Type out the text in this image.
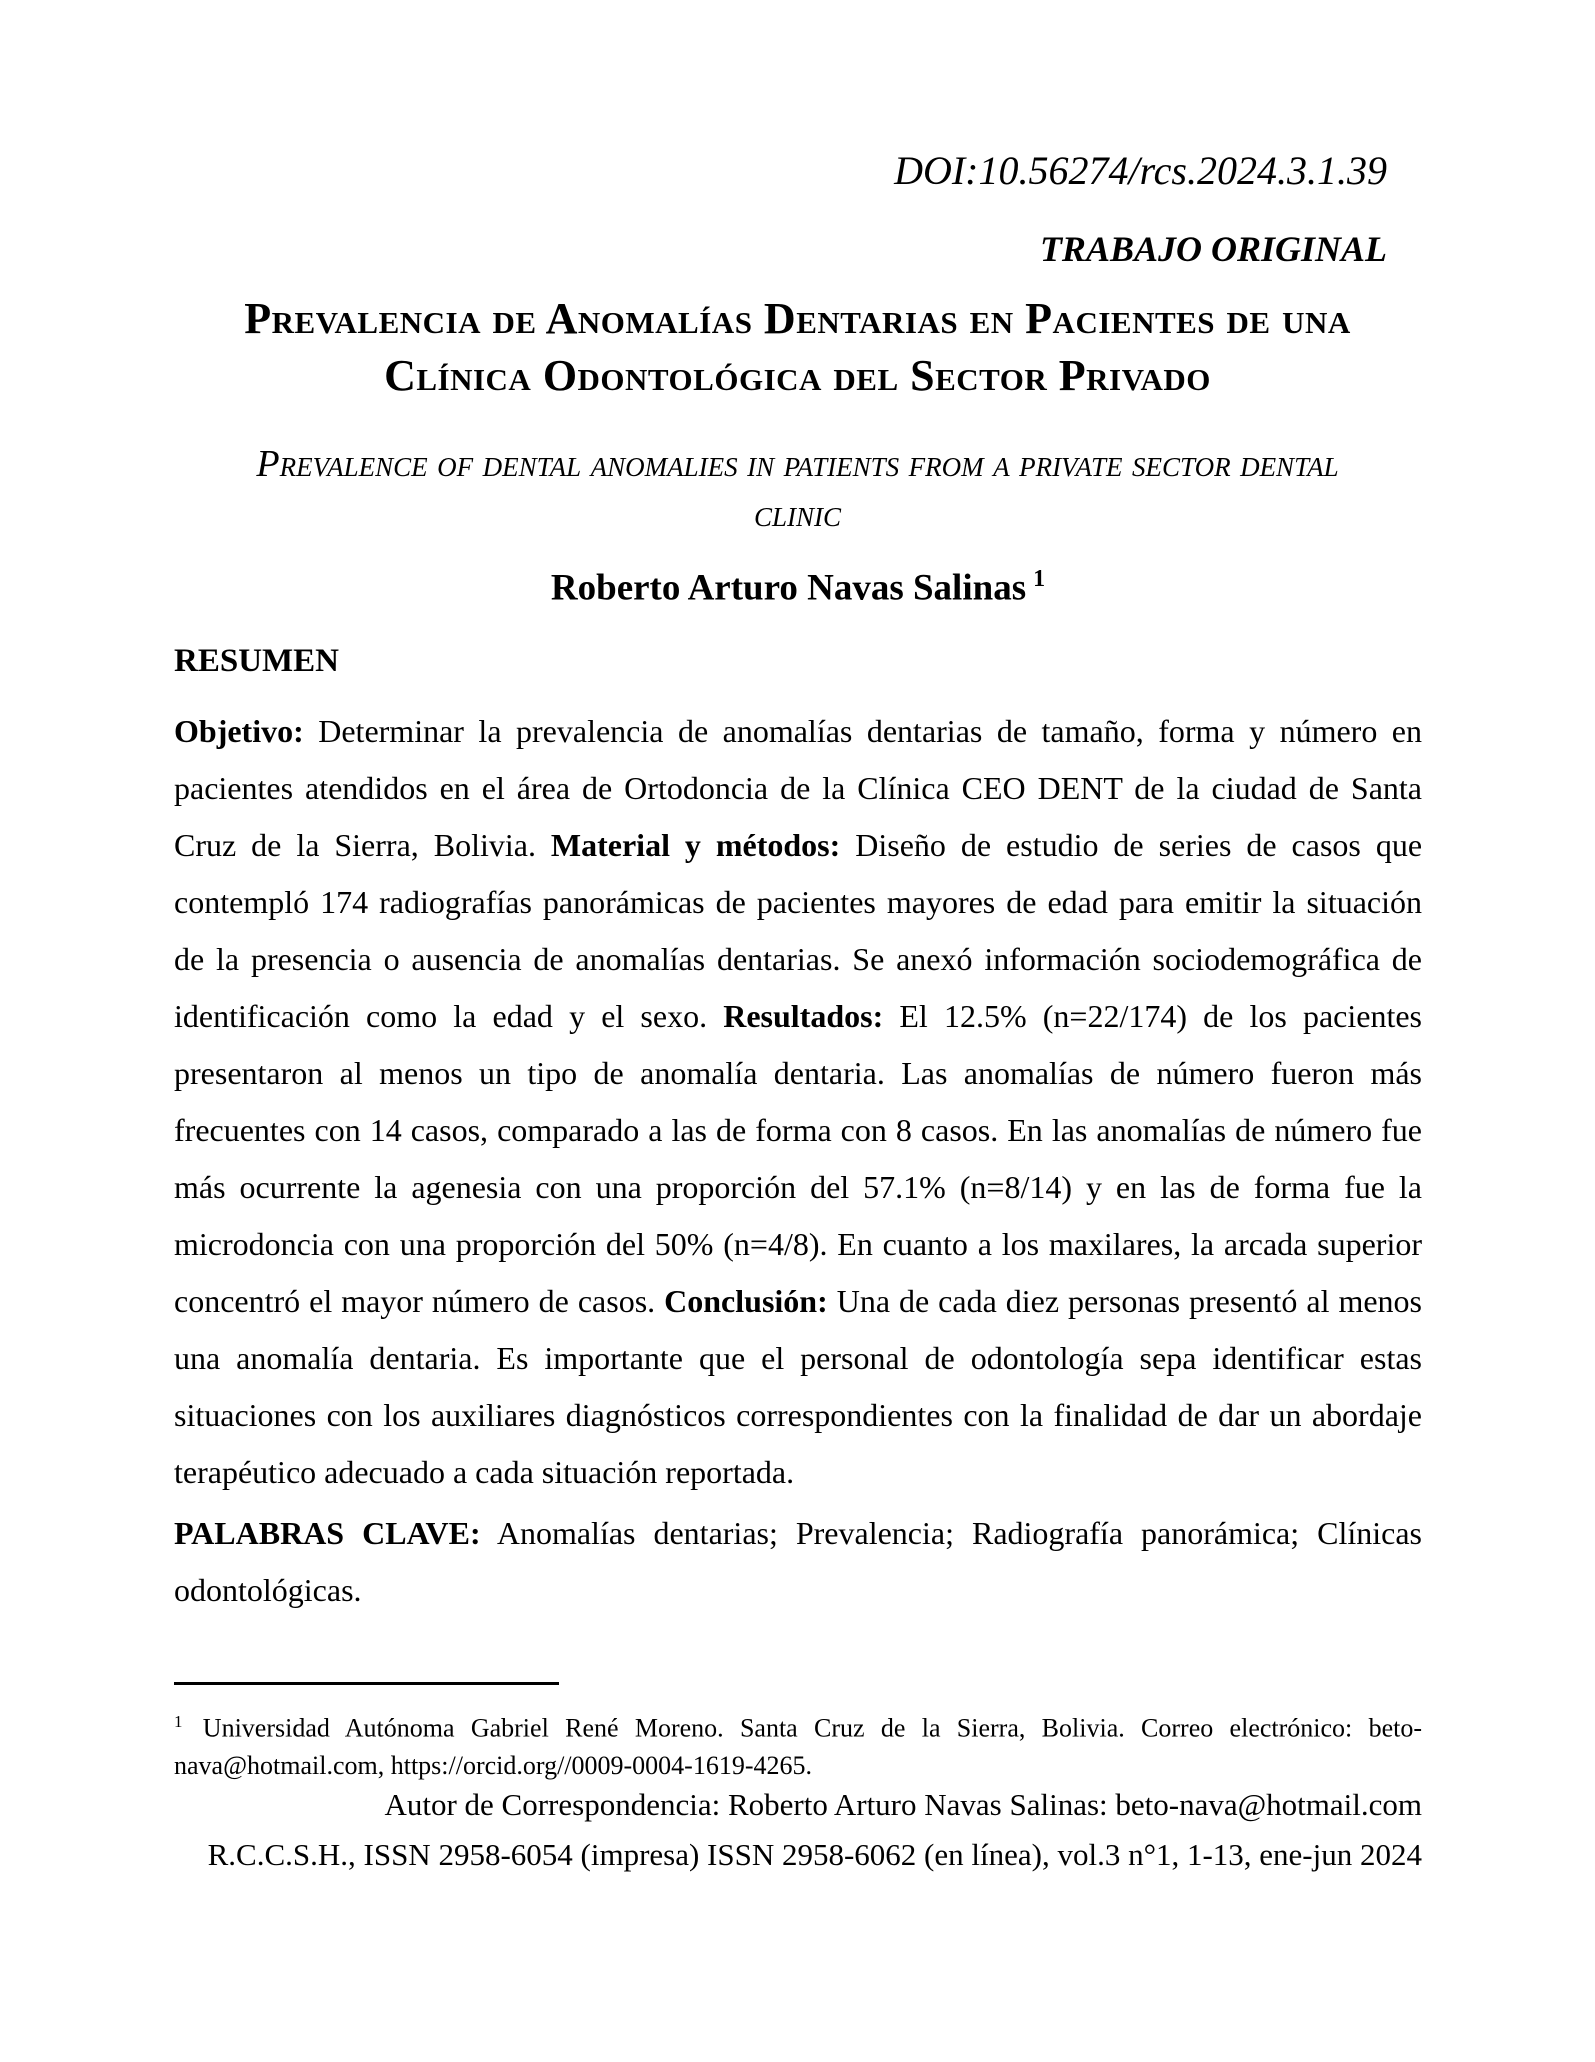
DOI:10.56274/rcs.2024.3.1.39
TRABAJO ORIGINAL
Prevalencia de Anomalías Dentarias en Pacientes de una
Clínica Odontológica del Sector Privado
Prevalence of dental anomalies in patients from a private sector dental
clinic
Roberto Arturo Navas Salinas $^1$
RESUMEN

Objetivo: Determinar la prevalencia de anomalías dentarias de tamaño, forma y número en pacientes atendidos en el área de Ortodoncia de la Clínica CEO DENT de la ciudad de Santa Cruz de la Sierra, Bolivia. Material y métodos: Diseño de estudio de series de casos que contempló 174 radiografías panorámicas de pacientes mayores de edad para emitir la situación de la presencia o ausencia de anomalías dentarias. Se anexó información sociodemográfica de identificación como la edad y el sexo. Resultados: El 12.5% (n=22/174) de los pacientes presentaron al menos un tipo de anomalía dentaria. Las anomalías de número fueron más frecuentes con 14 casos, comparado a las de forma con 8 casos. En las anomalías de número fue más ocurrente la agenesia con una proporción del 57.1% (n=8/14) y en las de forma fue la microdoncia con una proporción del 50% (n=4/8). En cuanto a los maxilares, la arcada superior concentró el mayor número de casos. Conclusión: Una de cada diez personas presentó al menos una anomalía dentaria. Es importante que el personal de odontología sepa identificar estas situaciones con los auxiliares diagnósticos correspondientes con la finalidad de dar un abordaje terapéutico adecuado a cada situación reportada.

PALABRAS CLAVE: Anomalías dentarias; Prevalencia; Radiografía panorámica; Clínicas odontológicas.

$^1$ Universidad Autónoma Gabriel René Moreno. Santa Cruz de la Sierra, Bolivia. Correo electrónico: beto-nava@hotmail.com, https://orcid.org//0009-0004-1619-4265.

Autor de Correspondencia: Roberto Arturo Navas Salinas: beto-nava@hotmail.com
R.C.C.S.H., ISSN 2958-6054 (impresa) ISSN 2958-6062 (en línea), vol.3 n°1, 1-13, ene-jun 2024
